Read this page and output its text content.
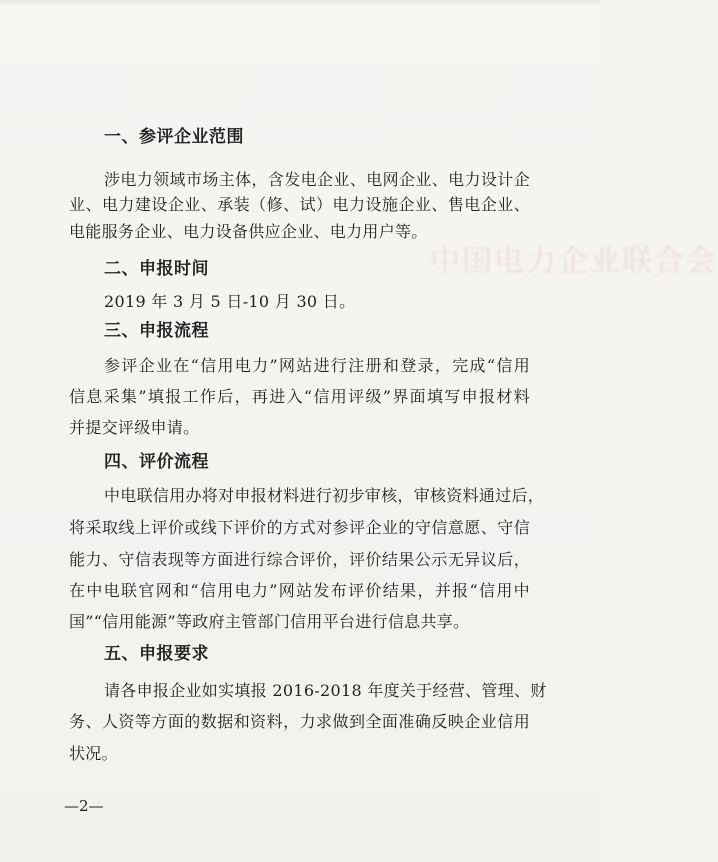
中国电力企业联合会
一、参评企业范围
涉电力领域市场主体，含发电企业、电网企业、电力设计企
业、电力建设企业、承装（修、试）电力设施企业、售电企业、
电能服务企业、电力设备供应企业、电力用户等。
二、申报时间
2019 年 3 月 5 日-10 月 30 日。
三、申报流程
参评企业在“信用电力”网站进行注册和登录，完成“信用
信息采集”填报工作后，再进入“信用评级”界面填写申报材料
并提交评级申请。
四、评价流程
中电联信用办将对申报材料进行初步审核，审核资料通过后，
将采取线上评价或线下评价的方式对参评企业的守信意愿、守信
能力、守信表现等方面进行综合评价，评价结果公示无异议后，
在中电联官网和“信用电力”网站发布评价结果，并报“信用中
国”“信用能源”等政府主管部门信用平台进行信息共享。
五、申报要求
请各申报企业如实填报 2016-2018 年度关于经营、管理、财
务、人资等方面的数据和资料，力求做到全面准确反映企业信用
状况。
—2—
